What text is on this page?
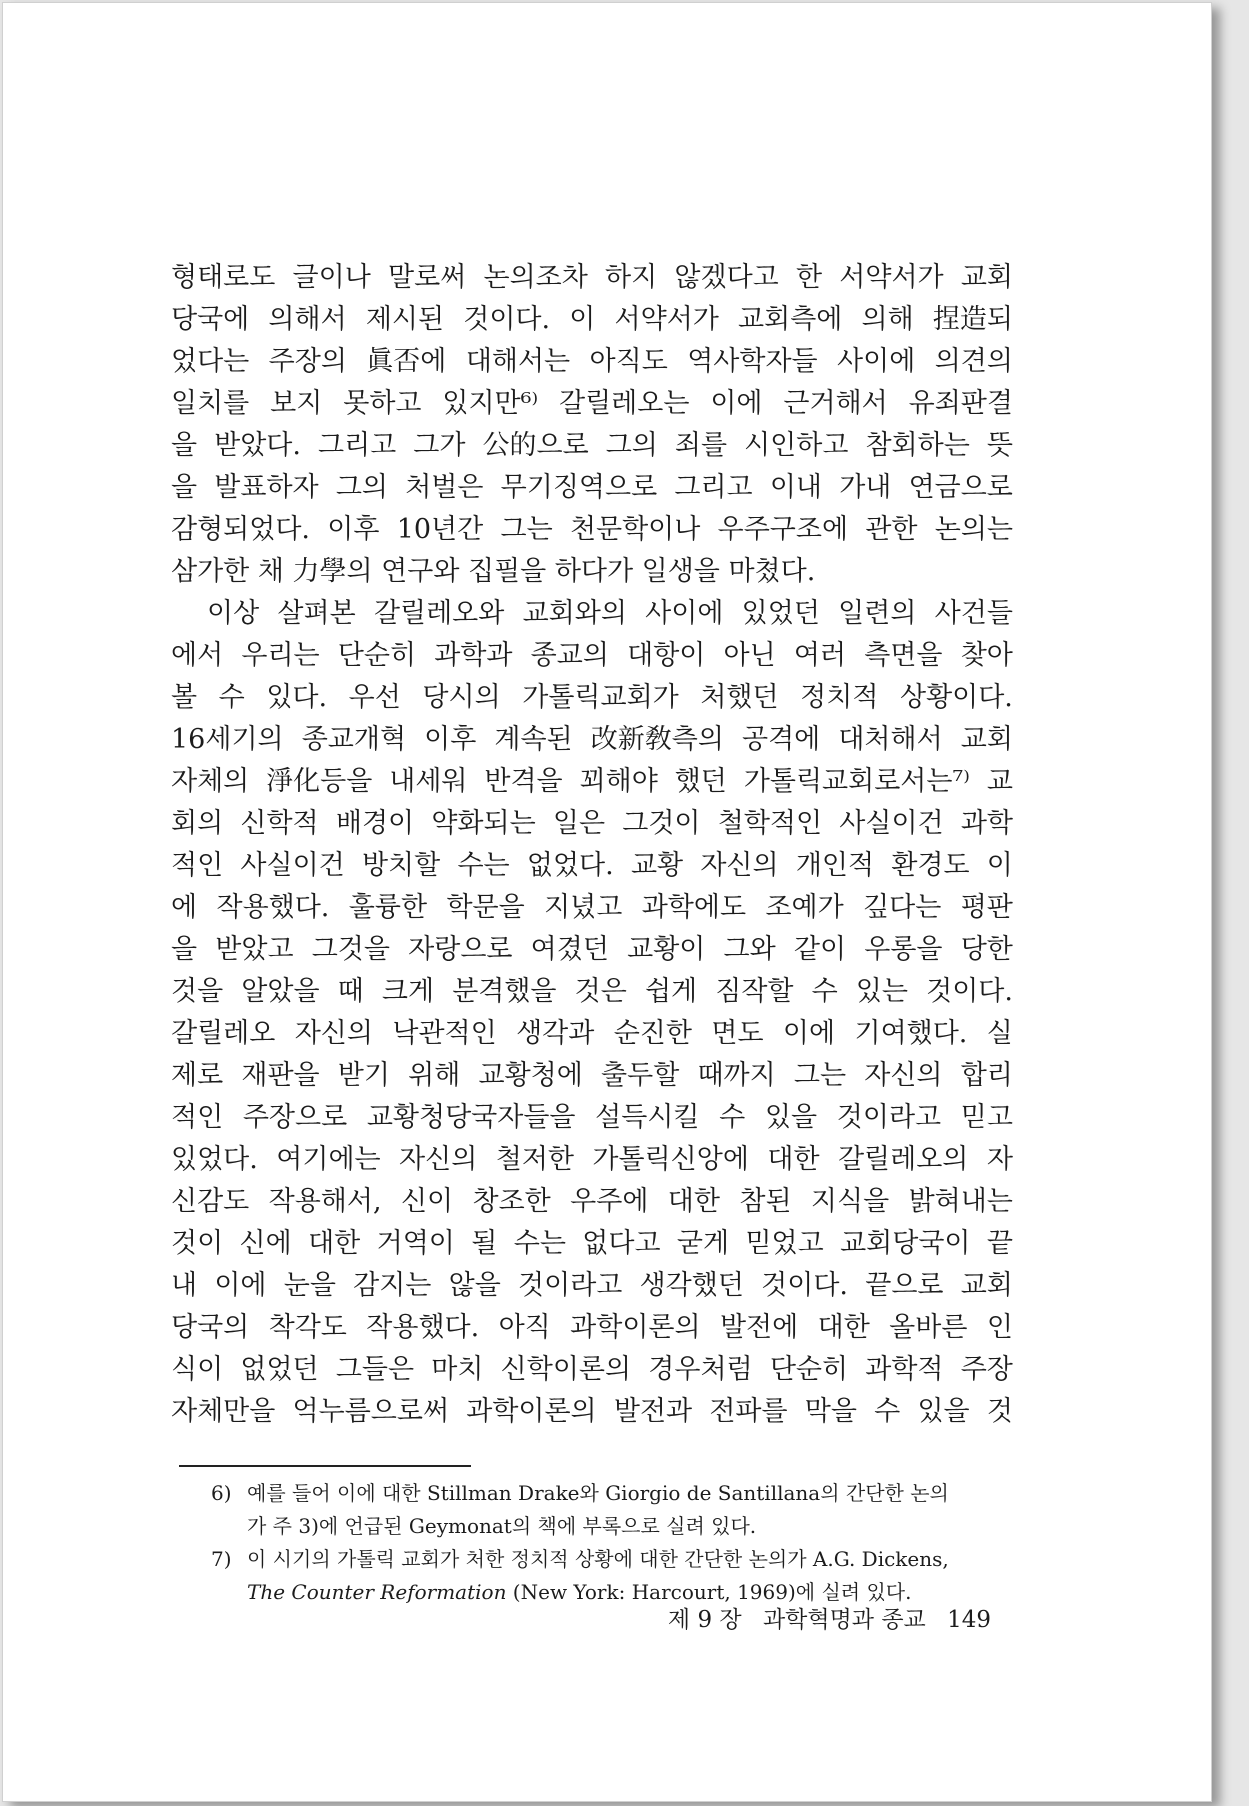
형태로도 글이나 말로써 논의조차 하지 않겠다고 한 서약서가 교회
당국에 의해서 제시된 것이다. 이 서약서가 교회측에 의해 捏造되
었다는 주장의 眞否에 대해서는 아직도 역사학자들 사이에 의견의
일치를 보지 못하고 있지만⁶⁾ 갈릴레오는 이에 근거해서 유죄판결
을 받았다. 그리고 그가 公的으로 그의 죄를 시인하고 참회하는 뜻
을 발표하자 그의 처벌은 무기징역으로 그리고 이내 가내 연금으로
감형되었다. 이후 10년간 그는 천문학이나 우주구조에 관한 논의는
삼가한 채 力學의 연구와 집필을 하다가 일생을 마쳤다.
이상 살펴본 갈릴레오와 교회와의 사이에 있었던 일련의 사건들
에서 우리는 단순히 과학과 종교의 대항이 아닌 여러 측면을 찾아
볼 수 있다. 우선 당시의 가톨릭교회가 처했던 정치적 상황이다.
16세기의 종교개혁 이후 계속된 改新敎측의 공격에 대처해서 교회
자체의 淨化등을 내세워 반격을 꾀해야 했던 가톨릭교회로서는⁷⁾ 교
회의 신학적 배경이 약화되는 일은 그것이 철학적인 사실이건 과학
적인 사실이건 방치할 수는 없었다. 교황 자신의 개인적 환경도 이
에 작용했다. 훌륭한 학문을 지녔고 과학에도 조예가 깊다는 평판
을 받았고 그것을 자랑으로 여겼던 교황이 그와 같이 우롱을 당한
것을 알았을 때 크게 분격했을 것은 쉽게 짐작할 수 있는 것이다.
갈릴레오 자신의 낙관적인 생각과 순진한 면도 이에 기여했다. 실
제로 재판을 받기 위해 교황청에 출두할 때까지 그는 자신의 합리
적인 주장으로 교황청당국자들을 설득시킬 수 있을 것이라고 믿고
있었다. 여기에는 자신의 철저한 가톨릭신앙에 대한 갈릴레오의 자
신감도 작용해서, 신이 창조한 우주에 대한 참된 지식을 밝혀내는
것이 신에 대한 거역이 될 수는 없다고 굳게 믿었고 교회당국이 끝
내 이에 눈을 감지는 않을 것이라고 생각했던 것이다. 끝으로 교회
당국의 착각도 작용했다. 아직 과학이론의 발전에 대한 올바른 인
식이 없었던 그들은 마치 신학이론의 경우처럼 단순히 과학적 주장
자체만을 억누름으로써 과학이론의 발전과 전파를 막을 수 있을 것
6) 예를 들어 이에 대한 Stillman Drake와 Giorgio de Santillana의 간단한 논의
가 주 3)에 언급된 Geymonat의 책에 부록으로 실려 있다.
7) 이 시기의 가톨릭 교회가 처한 정치적 상황에 대한 간단한 논의가 A.G. Dickens,
The Counter Reformation (New York: Harcourt, 1969)에 실려 있다.
제 9 장 과학혁명과 종교 149
